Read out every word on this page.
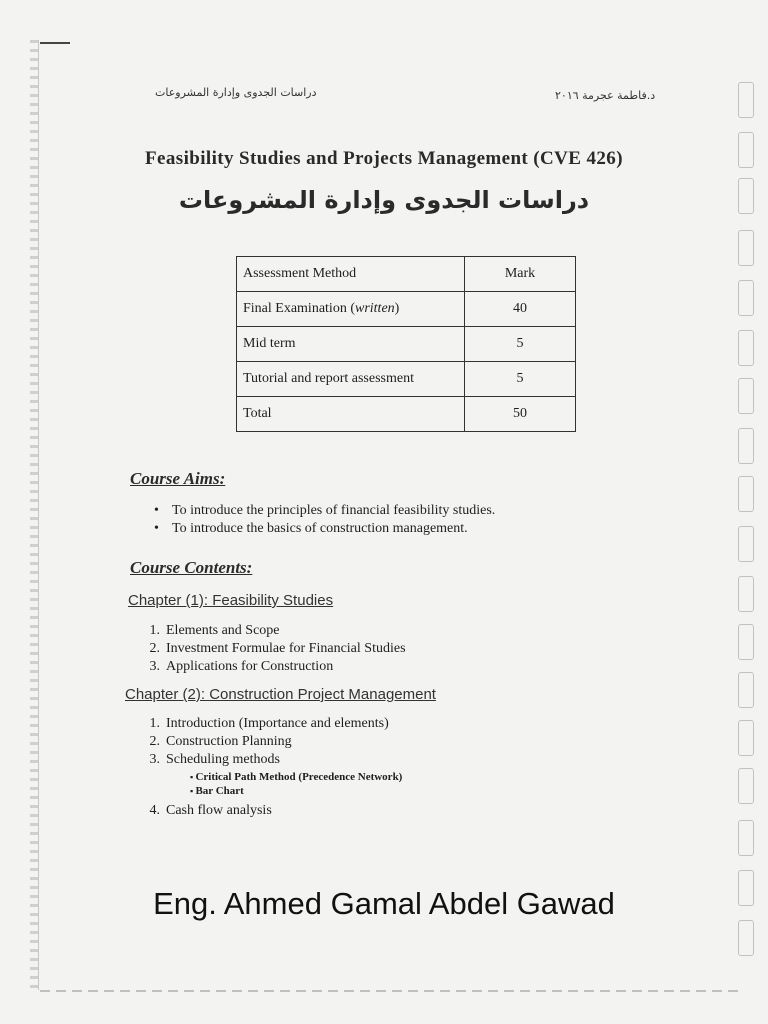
دراسات الجدوى وإدارة المشروعات	د.فاطمة عجرمة ٢٠١٦
Feasibility Studies and Projects Management (CVE 426)
دراسات الجدوى وإدارة المشروعات
Assessment Method	Mark
Final Examination (written)	40
Mid term	5
Tutorial and report assessment	5
Total	50
Course Aims:
• To introduce the principles of financial feasibility studies.
• To introduce the basics of construction management.
Course Contents:
Chapter (1): Feasibility Studies
1. Elements and Scope
2. Investment Formulae for Financial Studies
3. Applications for Construction
Chapter (2): Construction Project Management
1. Introduction (Importance and elements)
2. Construction Planning
3. Scheduling methods
▪ Critical Path Method (Precedence Network)
▪ Bar Chart
4. Cash flow analysis
Eng. Ahmed Gamal Abdel Gawad
